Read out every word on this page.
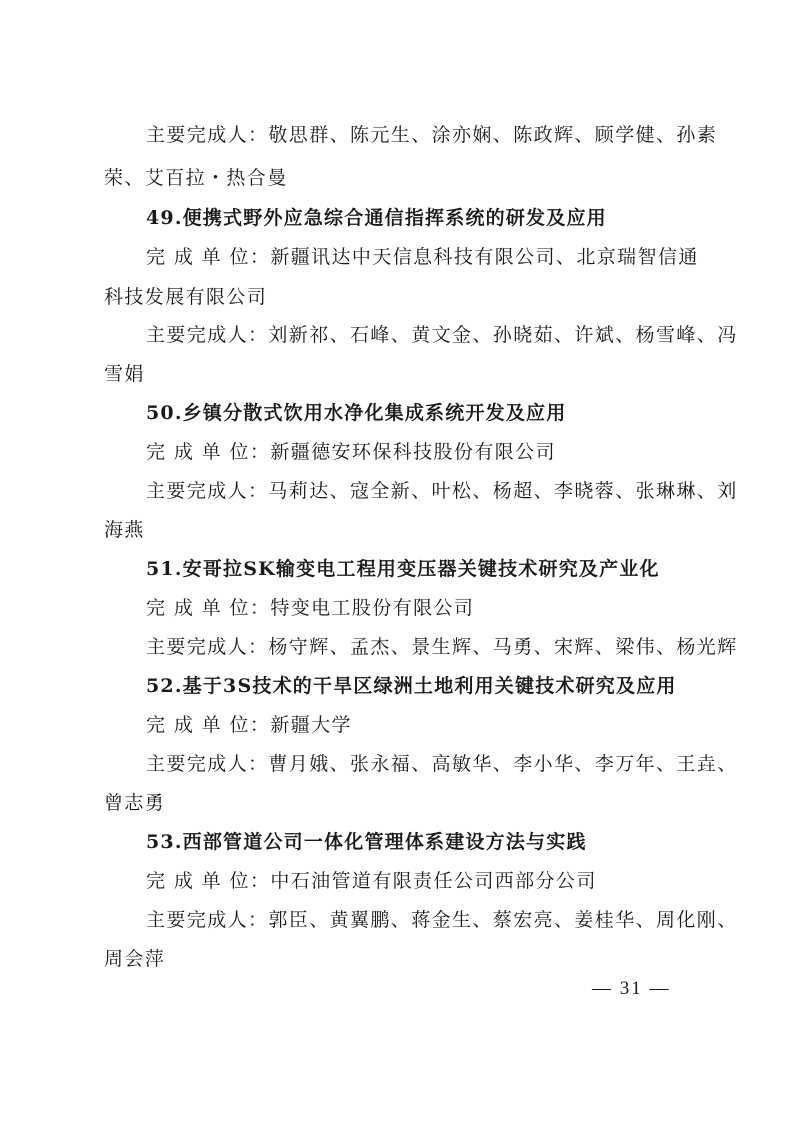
主要完成人：敬思群、陈元生、涂亦娴、陈政辉、顾学健、孙素
荣、艾百拉・热合曼
49.便携式野外应急综合通信指挥系统的研发及应用
完 成 单 位：新疆讯达中天信息科技有限公司、北京瑞智信通
科技发展有限公司
主要完成人：刘新祁、石峰、黄文金、孙晓茹、许斌、杨雪峰、冯
雪娟
50.乡镇分散式饮用水净化集成系统开发及应用
完 成 单 位：新疆德安环保科技股份有限公司
主要完成人：马莉达、寇全新、叶松、杨超、李晓蓉、张琳琳、刘
海燕
51.安哥拉SK输变电工程用变压器关键技术研究及产业化
完 成 单 位：特变电工股份有限公司
主要完成人：杨守辉、孟杰、景生辉、马勇、宋辉、梁伟、杨光辉
52.基于3S技术的干旱区绿洲土地利用关键技术研究及应用
完 成 单 位：新疆大学
主要完成人：曹月娥、张永福、高敏华、李小华、李万年、王垚、
曾志勇
53.西部管道公司一体化管理体系建设方法与实践
完 成 单 位：中石油管道有限责任公司西部分公司
主要完成人：郭臣、黄翼鹏、蒋金生、蔡宏亮、姜桂华、周化刚、
周会萍
— 31 —
